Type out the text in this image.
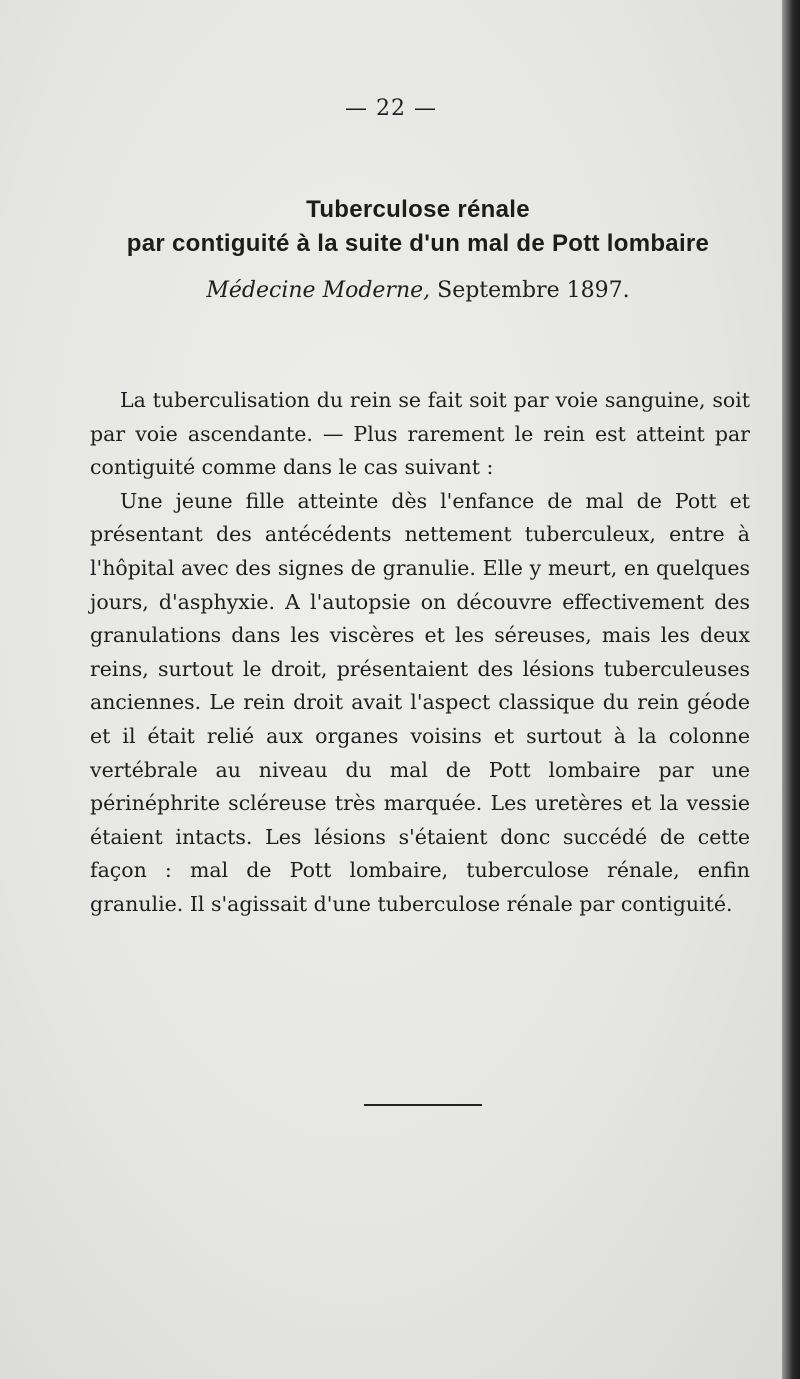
— 22 —
Tuberculose rénale
par contiguité à la suite d'un mal de Pott lombaire
Médecine Moderne, Septembre 1897.

La tuberculisation du rein se fait soit par voie sanguine, soit par voie ascendante. — Plus rarement le rein est atteint par contiguité comme dans le cas suivant :

Une jeune fille atteinte dès l'enfance de mal de Pott et présentant des antécédents nettement tuberculeux, entre à l'hôpital avec des signes de granulie. Elle y meurt, en quelques jours, d'asphyxie. A l'autopsie on découvre effectivement des granulations dans les viscères et les séreuses, mais les deux reins, surtout le droit, présentaient des lésions tuberculeuses anciennes. Le rein droit avait l'aspect classique du rein géode et il était relié aux organes voisins et surtout à la colonne vertébrale au niveau du mal de Pott lombaire par une périnéphrite scléreuse très marquée. Les uretères et la vessie étaient intacts. Les lésions s'étaient donc succédé de cette façon : mal de Pott lombaire, tuberculose rénale, enfin granulie. Il s'agissait d'une tuberculose rénale par contiguité.
